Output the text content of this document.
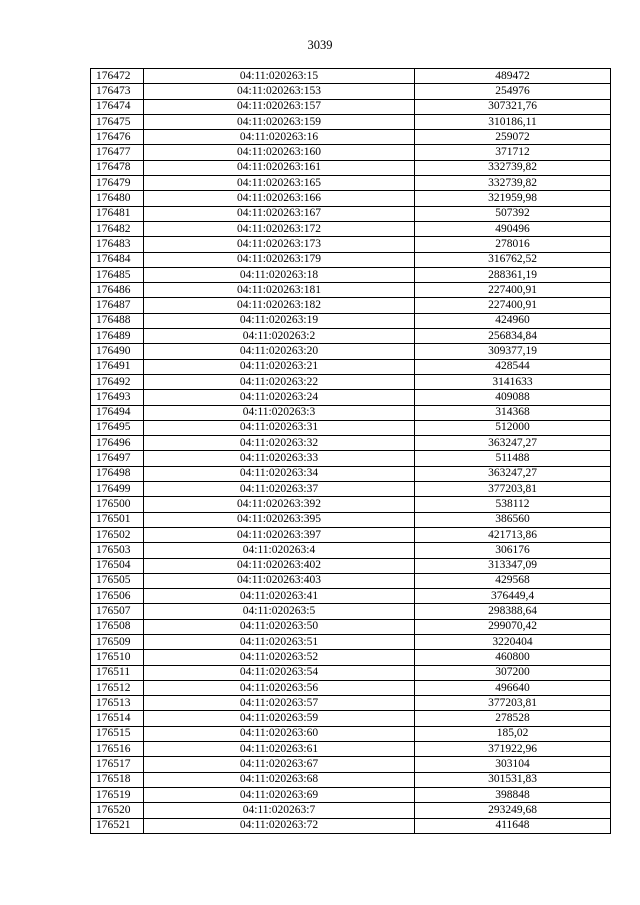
3039
176472	04:11:020263:15	489472
176473	04:11:020263:153	254976
176474	04:11:020263:157	307321,76
176475	04:11:020263:159	310186,11
176476	04:11:020263:16	259072
176477	04:11:020263:160	371712
176478	04:11:020263:161	332739,82
176479	04:11:020263:165	332739,82
176480	04:11:020263:166	321959,98
176481	04:11:020263:167	507392
176482	04:11:020263:172	490496
176483	04:11:020263:173	278016
176484	04:11:020263:179	316762,52
176485	04:11:020263:18	288361,19
176486	04:11:020263:181	227400,91
176487	04:11:020263:182	227400,91
176488	04:11:020263:19	424960
176489	04:11:020263:2	256834,84
176490	04:11:020263:20	309377,19
176491	04:11:020263:21	428544
176492	04:11:020263:22	3141633
176493	04:11:020263:24	409088
176494	04:11:020263:3	314368
176495	04:11:020263:31	512000
176496	04:11:020263:32	363247,27
176497	04:11:020263:33	511488
176498	04:11:020263:34	363247,27
176499	04:11:020263:37	377203,81
176500	04:11:020263:392	538112
176501	04:11:020263:395	386560
176502	04:11:020263:397	421713,86
176503	04:11:020263:4	306176
176504	04:11:020263:402	313347,09
176505	04:11:020263:403	429568
176506	04:11:020263:41	376449,4
176507	04:11:020263:5	298388,64
176508	04:11:020263:50	299070,42
176509	04:11:020263:51	3220404
176510	04:11:020263:52	460800
176511	04:11:020263:54	307200
176512	04:11:020263:56	496640
176513	04:11:020263:57	377203,81
176514	04:11:020263:59	278528
176515	04:11:020263:60	185,02
176516	04:11:020263:61	371922,96
176517	04:11:020263:67	303104
176518	04:11:020263:68	301531,83
176519	04:11:020263:69	398848
176520	04:11:020263:7	293249,68
176521	04:11:020263:72	411648
